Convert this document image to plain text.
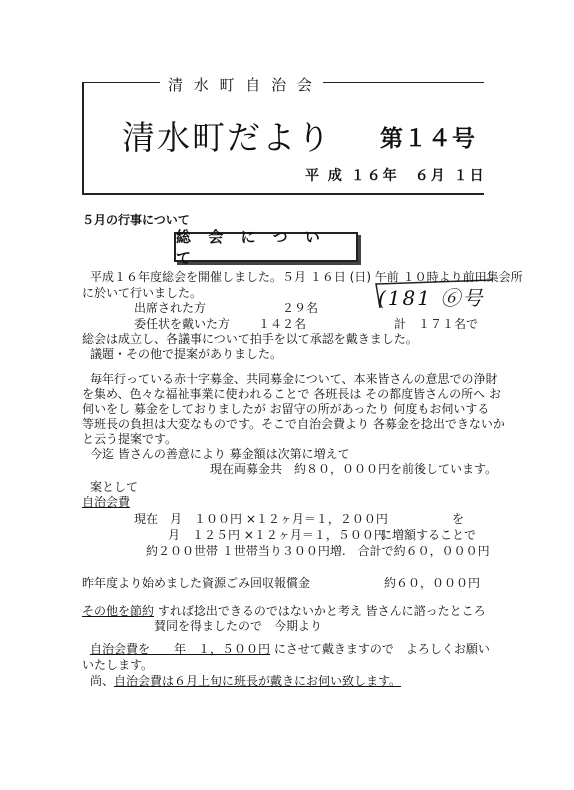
清 水 町 自 治 会
清水町だより 第１４号
平 成 １６年　６月 １日
５月の行事について
総 会 に つ い て
(181 ⑥号
平成１６年度総会を開催しました。５月 １６日 (日) 午前 １０時より前田集会所
に於いて行いました。
出席された方	２９名
委任状を戴いた方 １４２名	計　１７１名で
総会は成立し、各議事について拍手を以て承認を戴きました。
議題・その他で提案がありました。
毎年行っている赤十字募金、共同募金について、本来皆さんの意思での浄財
を集め、色々な福祉事業に使われることで 各班長は その都度皆さんの所へ お
伺いをし 募金をしておりましたが お留守の所があったり 何度もお伺いする
等班長の負担は大変なものです。そこで自治会費より 各募金を捻出できないか
と云う提案です。
今迄 皆さんの善意により 募金額は次第に増えて
現在両募金共　約８０，０００円を前後しています。
案として
自治会費
現在　月　１００円 ×１２ヶ月＝１，２００円	を
月　１２５円 ×１２ヶ月＝１，５００円
に増額することで
約２００世帯 １世帯当り３００円増.　合計で約６０，０００円
昨年度より始めました資源ごみ回収報償金	約６０，０００円
その他を節約 すれば捻出できるのではないかと考え 皆さんに諮ったところ
賛同を得ましたので　今期より
自治会費を　　年　１，５００円 にさせて戴きますので　よろしくお願い
いたします。
尚、自治会費は６月上旬に班長が戴きにお伺い致します。
